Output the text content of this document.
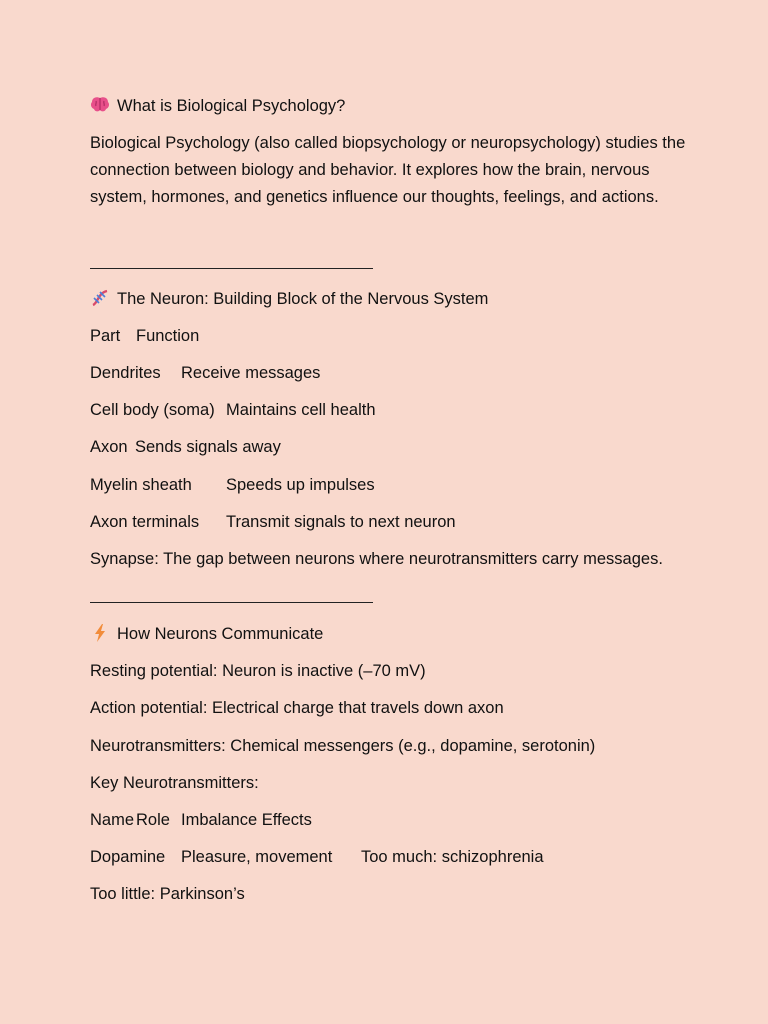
What is Biological Psychology?
Biological Psychology (also called biopsychology or neuropsychology) studies the connection between biology and behavior. It explores how the brain, nervous system, hormones, and genetics influence our thoughts, feelings, and actions.
The Neuron: Building Block of the Nervous System
Part Function
Dendrites Receive messages
Cell body (soma) Maintains cell health
Axon Sends signals away
Myelin sheath Speeds up impulses
Axon terminals Transmit signals to next neuron
Synapse: The gap between neurons where neurotransmitters carry messages.
How Neurons Communicate
Resting potential: Neuron is inactive (–70 mV)
Action potential: Electrical charge that travels down axon
Neurotransmitters: Chemical messengers (e.g., dopamine, serotonin)
Key Neurotransmitters:
Name Role Imbalance Effects
Dopamine Pleasure, movement Too much: schizophrenia
Too little: Parkinson’s
